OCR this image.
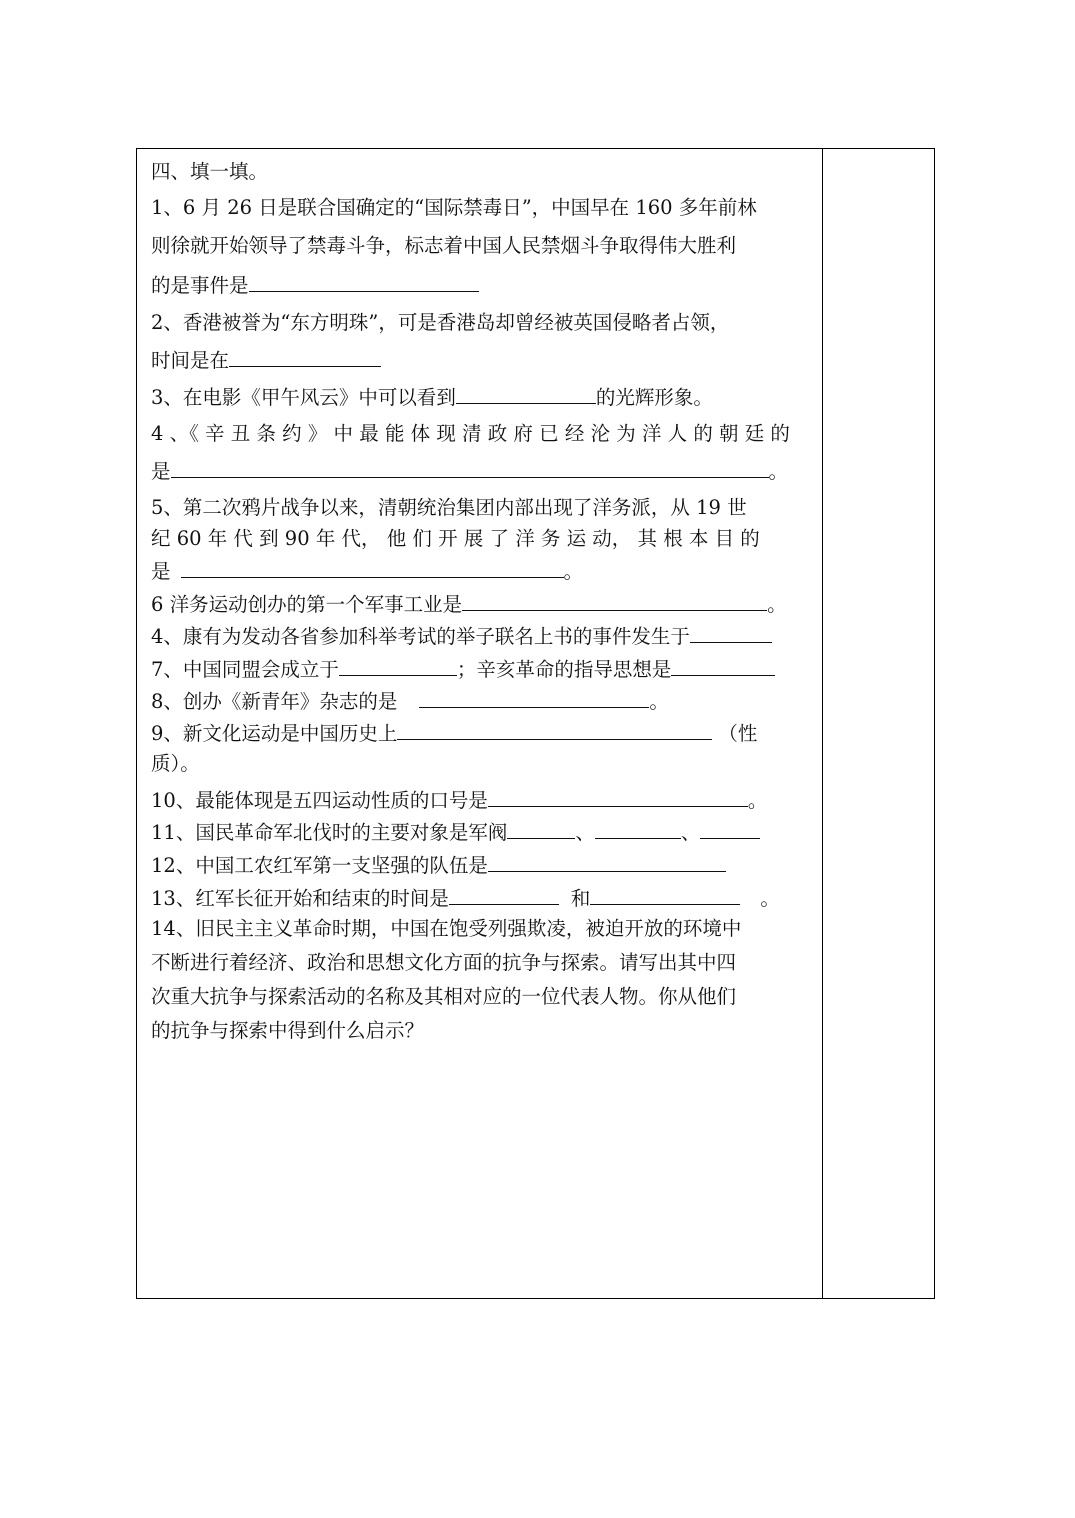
四、填一填。
1、6 月 26 日是联合国确定的“国际禁毒日”，中国早在 160 多年前林
则徐就开始领导了禁毒斗争，标志着中国人民禁烟斗争取得伟大胜利
的是事件是
2、香港被誉为“东方明珠”，可是香港岛却曾经被英国侵略者占领，
时间是在
3、在电影《甲午风云》中可以看到	的光辉形象。
4 、《 辛 丑 条 约 》 中 最 能 体 现 清 政 府 已 经 沦 为 洋 人 的 朝 廷 的
是	。
5、第二次鸦片战争以来，清朝统治集团内部出现了洋务派，从 19 世
纪 60 年 代 到 90 年 代， 他 们 开 展 了 洋 务 运 动， 其 根 本 目 的
是	。
6 洋务运动创办的第一个军事工业是	。
4、康有为发动各省参加科举考试的举子联名上书的事件发生于
7、中国同盟会成立于	；辛亥革命的指导思想是
8、创办《新青年》杂志的是	。
9、新文化运动是中国历史上	（性
质）。
10、最能体现是五四运动性质的口号是	。
11、国民革命军北伐时的主要对象是军阀	、	、
12、中国工农红军第一支坚强的队伍是
13、红军长征开始和结束的时间是	和	。
14、旧民主主义革命时期，中国在饱受列强欺凌，被迫开放的环境中
不断进行着经济、政治和思想文化方面的抗争与探索。请写出其中四
次重大抗争与探索活动的名称及其相对应的一位代表人物。你从他们
的抗争与探索中得到什么启示？
